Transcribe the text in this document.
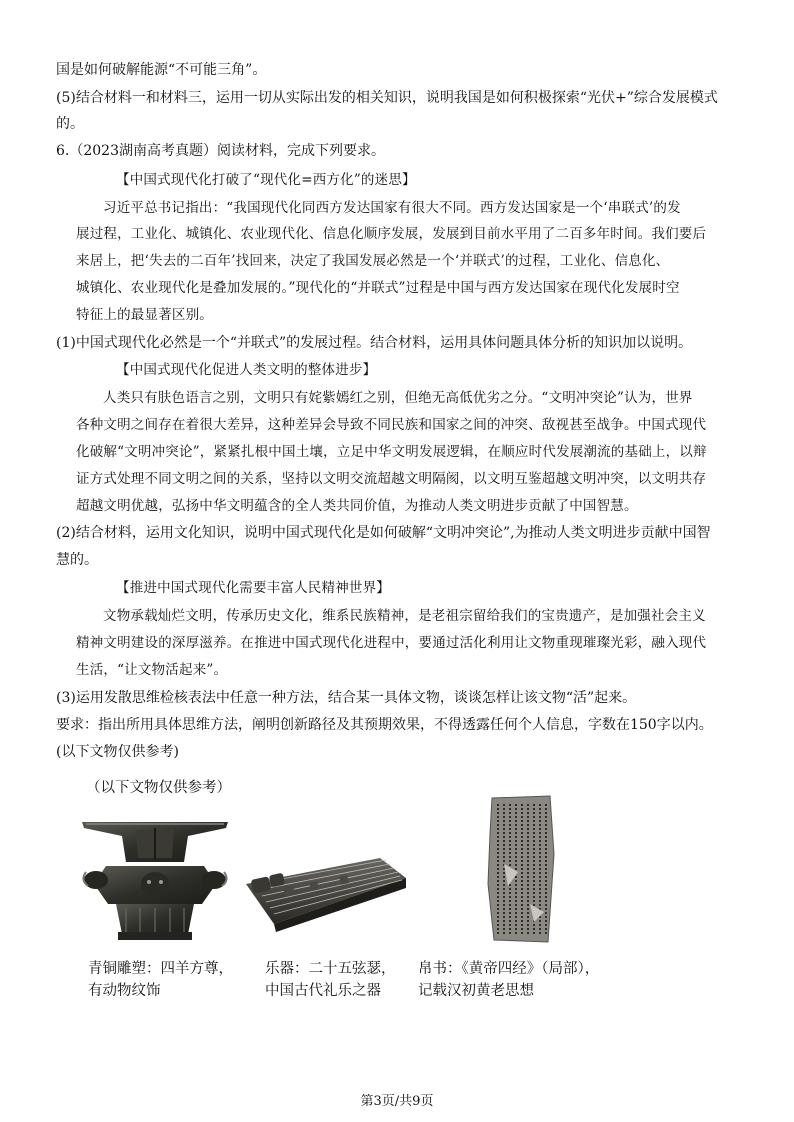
国是如何破解能源“不可能三角”。
(5)结合材料一和材料三，运用一切从实际出发的相关知识，说明我国是如何积极探索“光伏+”综合发展模式
的。
6.（2023湖南高考真题）阅读材料，完成下列要求。
【中国式现代化打破了“现代化=西方化”的迷思】
习近平总书记指出：“我国现代化同西方发达国家有很大不同。西方发达国家是一个‘串联式’的发
展过程，工业化、城镇化、农业现代化、信息化顺序发展，发展到目前水平用了二百多年时间。我们要后
来居上，把‘失去的二百年’找回来，决定了我国发展必然是一个‘并联式’的过程，工业化、信息化、
城镇化、农业现代化是叠加发展的。”现代化的“并联式”过程是中国与西方发达国家在现代化发展时空
特征上的最显著区别。
(1)中国式现代化必然是一个“并联式”的发展过程。结合材料，运用具体问题具体分析的知识加以说明。
【中国式现代化促进人类文明的整体进步】
人类只有肤色语言之别，文明只有姹紫嫣红之别，但绝无高低优劣之分。“文明冲突论”认为，世界
各种文明之间存在着很大差异，这种差异会导致不同民族和国家之间的冲突、敌视甚至战争。中国式现代
化破解“文明冲突论”，紧紧扎根中国土壤，立足中华文明发展逻辑，在顺应时代发展潮流的基础上，以辩
证方式处理不同文明之间的关系，坚持以文明交流超越文明隔阂，以文明互鉴超越文明冲突，以文明共存
超越文明优越，弘扬中华文明蕴含的全人类共同价值，为推动人类文明进步贡献了中国智慧。
(2)结合材料，运用文化知识，说明中国式现代化是如何破解“文明冲突论”,为推动人类文明进步贡献中国智
慧的。
【推进中国式现代化需要丰富人民精神世界】
文物承载灿烂文明，传承历史文化，维系民族精神，是老祖宗留给我们的宝贵遗产，是加强社会主义
精神文明建设的深厚滋养。在推进中国式现代化进程中，要通过活化利用让文物重现璀璨光彩，融入现代
生活，“让文物活起来”。
(3)运用发散思维检核表法中任意一种方法，结合某一具体文物，谈谈怎样让该文物“活”起来。
要求：指出所用具体思维方法，阐明创新路径及其预期效果，不得透露任何个人信息，字数在150字以内。
(以下文物仅供参考)
（以下文物仅供参考）
青铜雕塑：四羊方尊，
有动物纹饰
乐器：二十五弦瑟，
中国古代礼乐之器
帛书：《黄帝四经》（局部），
记载汉初黄老思想
第3页/共9页
